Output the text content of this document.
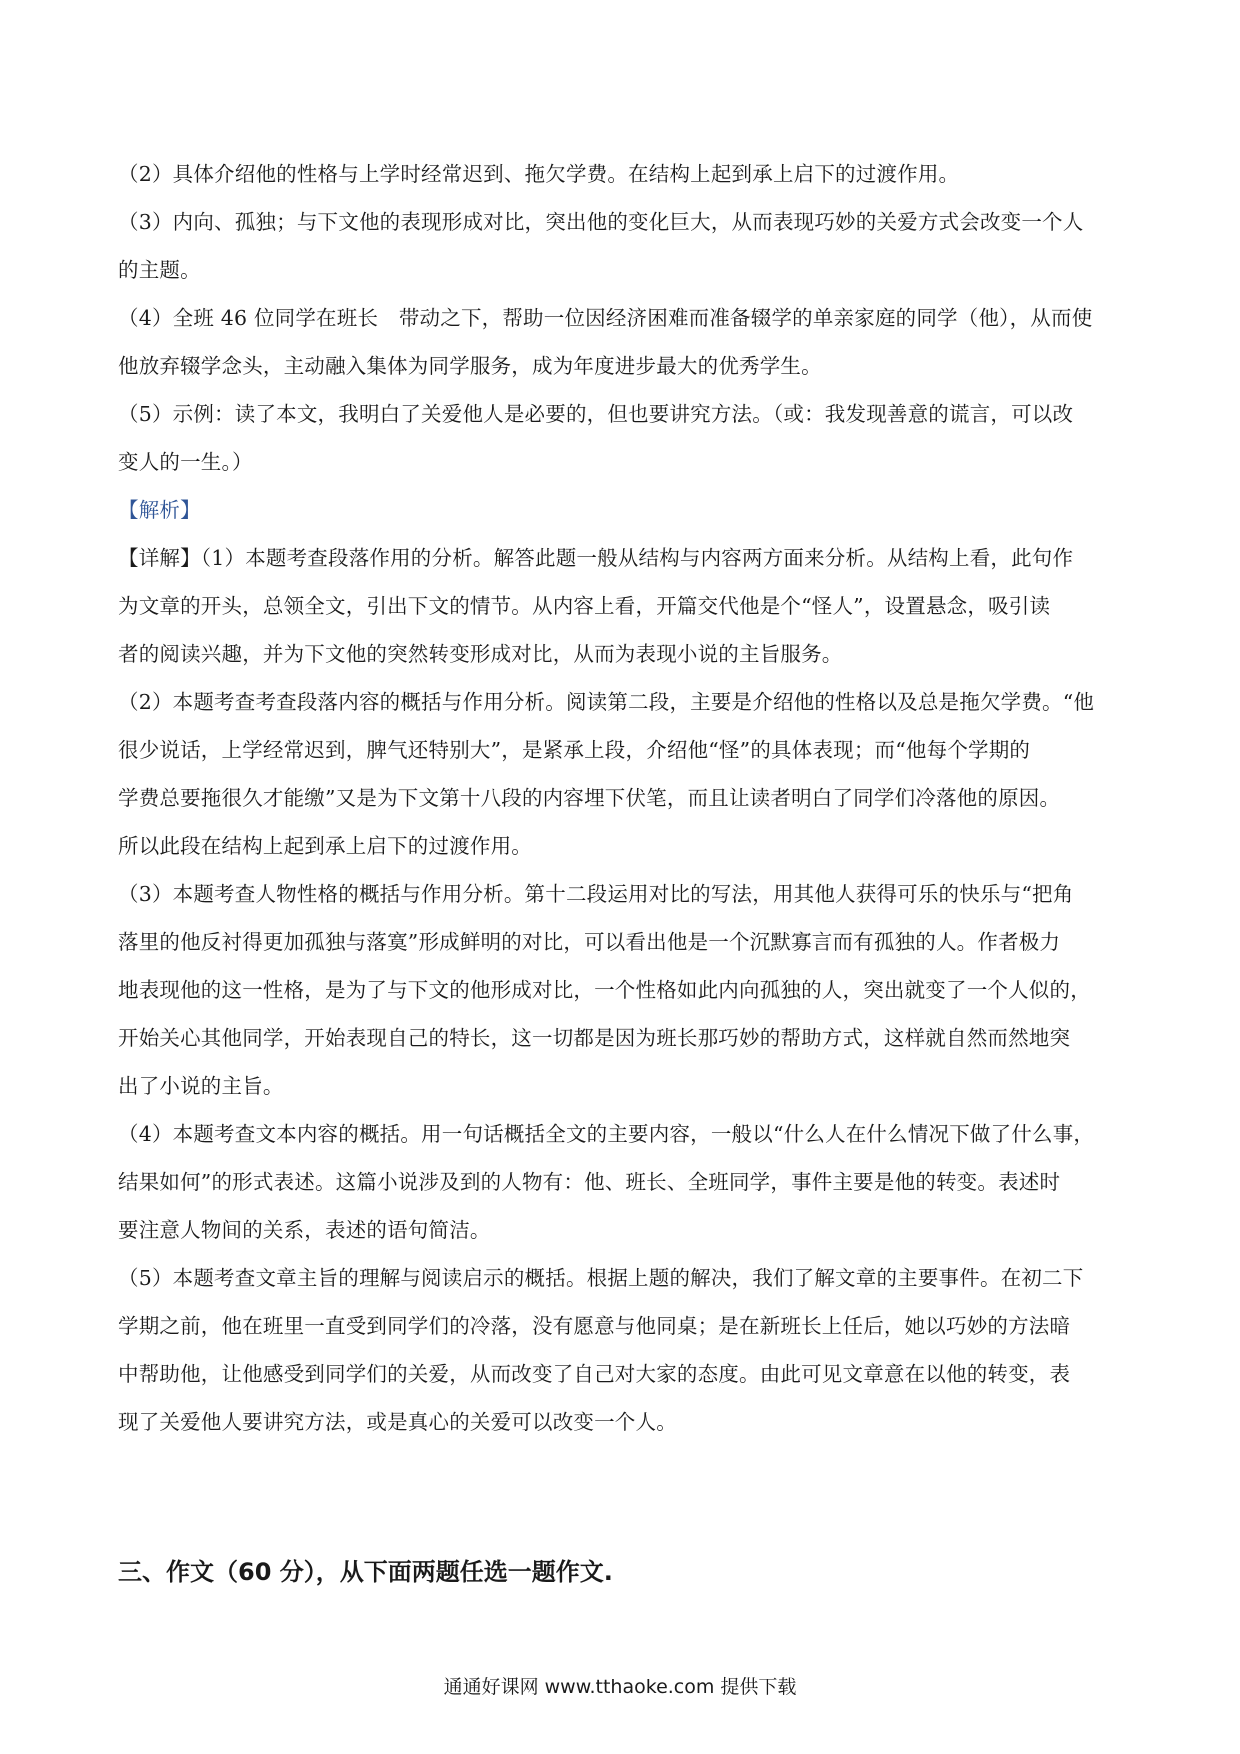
（2）具体介绍他的性格与上学时经常迟到、拖欠学费。在结构上起到承上启下的过渡作用。

（3）内向、孤独；与下文他的表现形成对比，突出他的变化巨大，从而表现巧妙的关爱方式会改变一个人

的主题。

（4）全班 46 位同学在班长　带动之下，帮助一位因经济困难而准备辍学的单亲家庭的同学（他），从而使

他放弃辍学念头，主动融入集体为同学服务，成为年度进步最大的优秀学生。

（5）示例：读了本文，我明白了关爱他人是必要的，但也要讲究方法。（或：我发现善意的谎言，可以改

变人的一生。）

【解析】

【详解】（1）本题考查段落作用的分析。解答此题一般从结构与内容两方面来分析。从结构上看，此句作

为文章的开头，总领全文，引出下文的情节。从内容上看，开篇交代他是个“怪人”，设置悬念，吸引读

者的阅读兴趣，并为下文他的突然转变形成对比，从而为表现小说的主旨服务。

（2）本题考查考查段落内容的概括与作用分析。阅读第二段，主要是介绍他的性格以及总是拖欠学费。“他

很少说话，上学经常迟到，脾气还特别大”，是紧承上段，介绍他“怪”的具体表现；而“他每个学期的

学费总要拖很久才能缴”又是为下文第十八段的内容埋下伏笔，而且让读者明白了同学们冷落他的原因。

所以此段在结构上起到承上启下的过渡作用。

（3）本题考查人物性格的概括与作用分析。第十二段运用对比的写法，用其他人获得可乐的快乐与“把角

落里的他反衬得更加孤独与落寞”形成鲜明的对比，可以看出他是一个沉默寡言而有孤独的人。作者极力

地表现他的这一性格，是为了与下文的他形成对比，一个性格如此内向孤独的人，突出就变了一个人似的，

开始关心其他同学，开始表现自己的特长，这一切都是因为班长那巧妙的帮助方式，这样就自然而然地突

出了小说的主旨。

（4）本题考查文本内容的概括。用一句话概括全文的主要内容，一般以“什么人在什么情况下做了什么事，

结果如何”的形式表述。这篇小说涉及到的人物有：他、班长、全班同学，事件主要是他的转变。表述时

要注意人物间的关系，表述的语句简洁。

（5）本题考查文章主旨的理解与阅读启示的概括。根据上题的解决，我们了解文章的主要事件。在初二下

学期之前，他在班里一直受到同学们的冷落，没有愿意与他同桌；是在新班长上任后，她以巧妙的方法暗

中帮助他，让他感受到同学们的关爱，从而改变了自己对大家的态度。由此可见文章意在以他的转变，表

现了关爱他人要讲究方法，或是真心的关爱可以改变一个人。

三、作文（60 分），从下面两题任选一题作文.
通通好课网 www.tthaoke.com 提供下载
